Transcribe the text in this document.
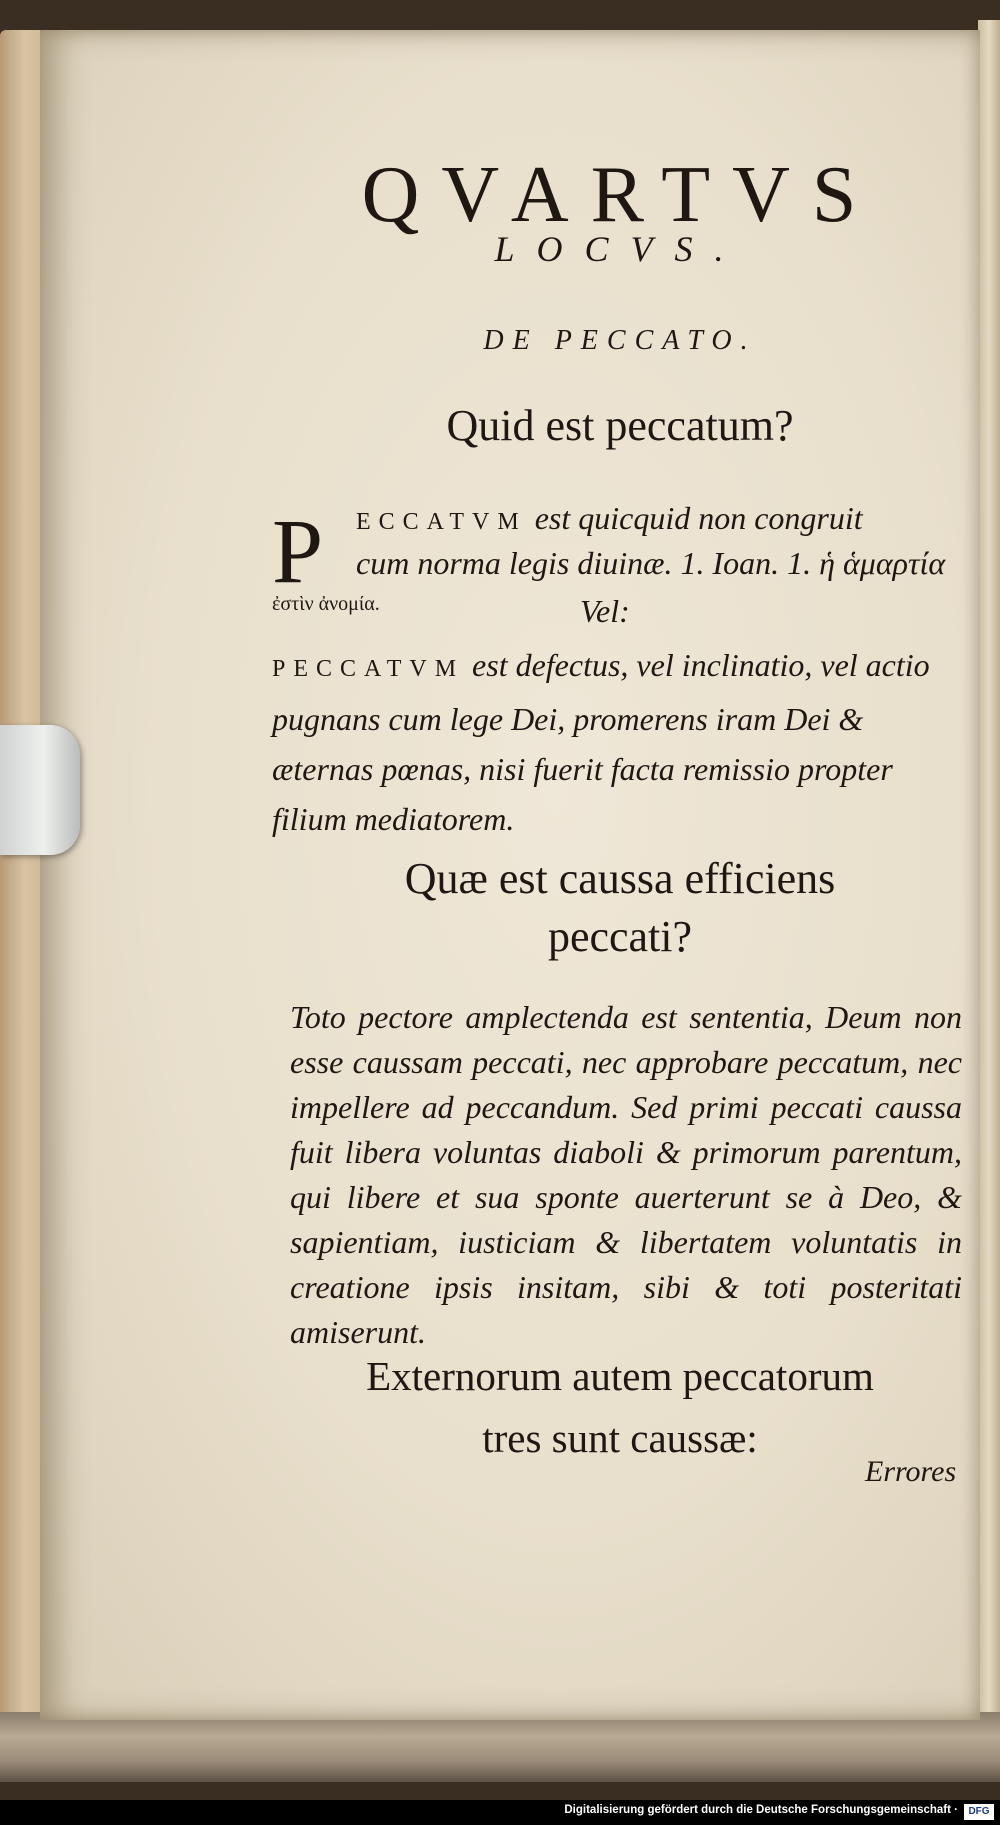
QVARTVS
LOCVS.
DE PECCATO.
Quid est peccatum?
P ECCATVM est quicquid non congruit
cum norma legis diuinæ. 1. Ioan. 1. ἡ ἁμαρτία
ἐστὶν ἀνομία.	Vel:
PECCATVM est defectus, vel inclinatio, vel actio pugnans cum lege Dei, promerens iram Dei & æternas pœnas, nisi fuerit facta remissio propter filium mediatorem.
Quæ est caussa efficiens
peccati?
Toto pectore amplectenda est sententia, Deum non esse caussam peccati, nec approbare peccatum, nec impellere ad peccandum. Sed primi peccati caussa fuit libera voluntas diaboli & primorum parentum, qui libere et sua sponte auerterunt se à Deo, & sapientiam, iusticiam & libertatem voluntatis in creatione ipsis insitam, sibi & toti posteritati amiserunt.
Externorum autem peccatorum
tres sunt caussæ:
Errores
Digitalisierung gefördert durch die Deutsche Forschungsgemeinschaft ·	DFG
